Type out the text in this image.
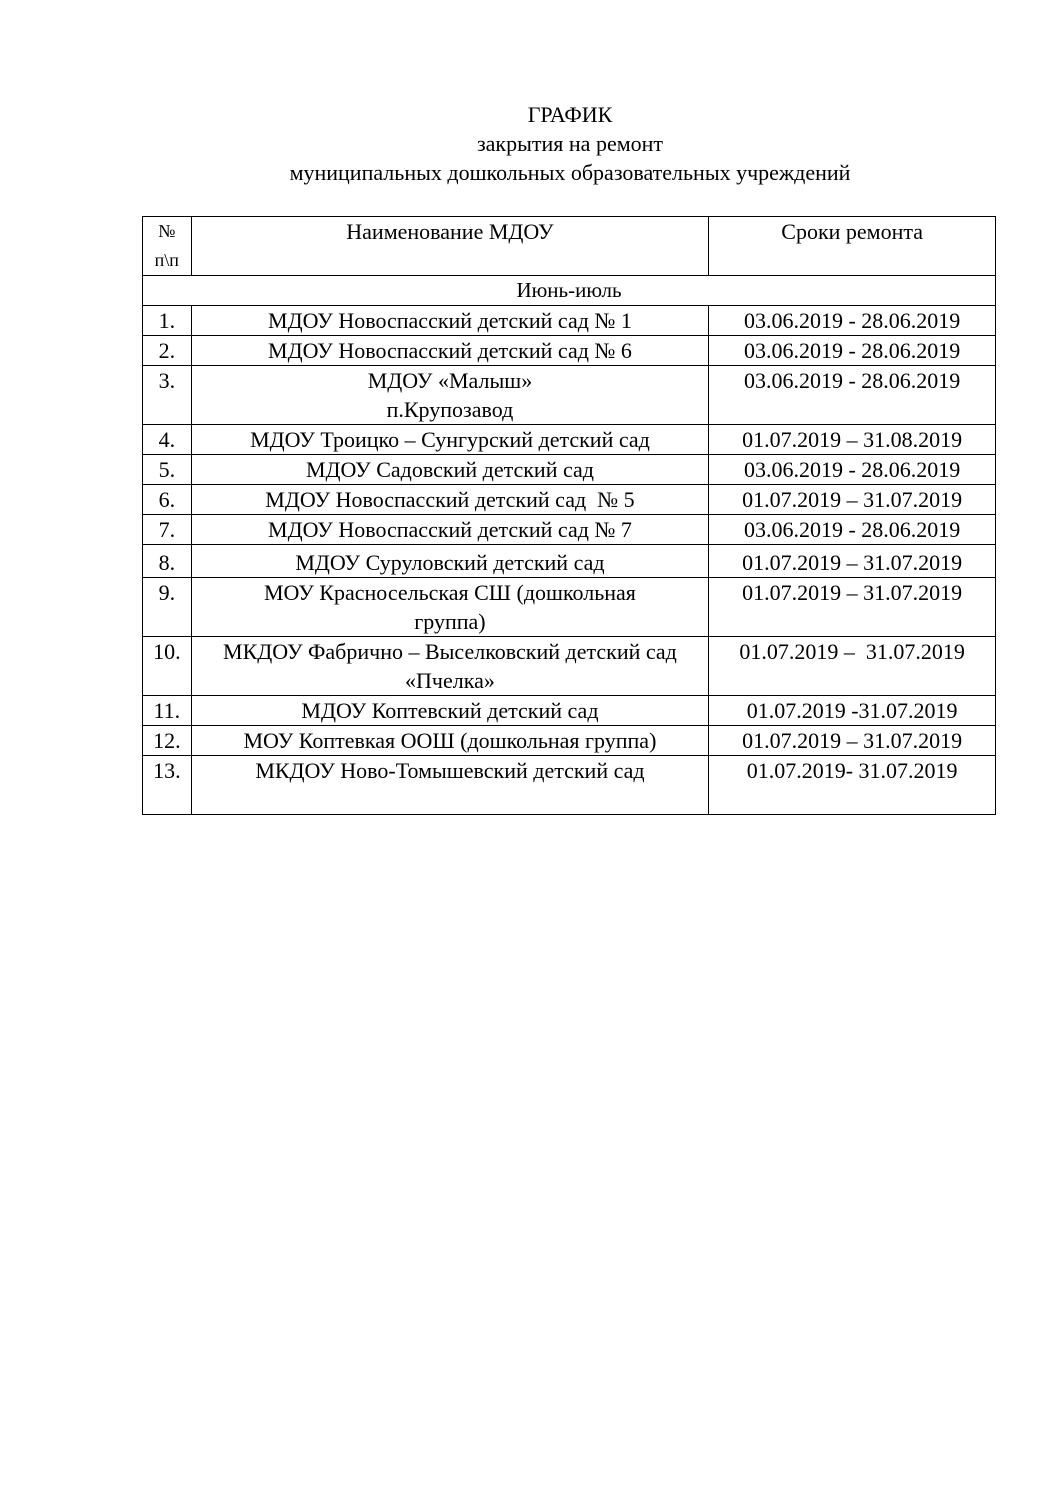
ГРАФИК
закрытия на ремонт
муниципальных дошкольных образовательных учреждений
№ п\п	Наименование МДОУ	Сроки ремонта
Июнь-июль		
1.	МДОУ Новоспасский детский сад № 1	03.06.2019 - 28.06.2019
2.	МДОУ Новоспасский детский сад № 6	03.06.2019 - 28.06.2019
3.	МДОУ «Малыш» п.Крупозавод	03.06.2019 - 28.06.2019
4.	МДОУ Троицко – Сунгурский детский сад	01.07.2019 – 31.08.2019
5.	МДОУ Садовский детский сад	03.06.2019 - 28.06.2019
6.	МДОУ Новоспасский детский сад  № 5	01.07.2019 – 31.07.2019
7.	МДОУ Новоспасский детский сад № 7	03.06.2019 - 28.06.2019
8.	МДОУ Суруловский детский сад	01.07.2019 – 31.07.2019
9.	МОУ Красносельская СШ (дошкольная группа)	01.07.2019 – 31.07.2019
10.	МКДОУ Фабрично – Выселковский детский сад «Пчелка»	01.07.2019 –  31.07.2019
11.	МДОУ Коптевский детский сад	01.07.2019 -31.07.2019
12.	МОУ Коптевкая ООШ (дошкольная группа)	01.07.2019 – 31.07.2019
13.	МКДОУ Ново-Томышевский детский сад	01.07.2019- 31.07.2019
